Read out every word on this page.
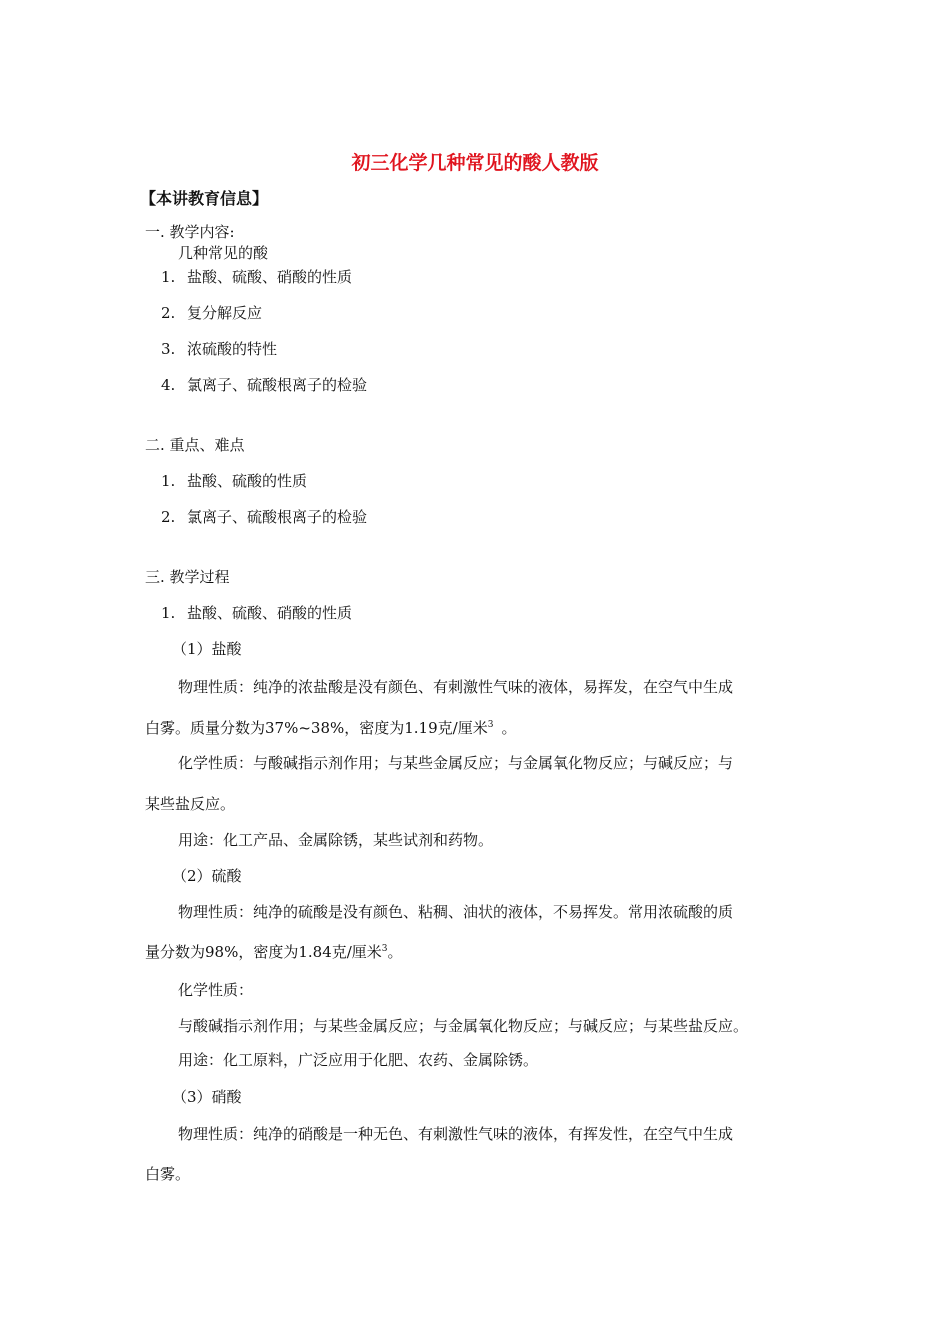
初三化学几种常见的酸人教版
【本讲教育信息】
一. 教学内容:
几种常见的酸
1. 盐酸、硫酸、硝酸的性质
2. 复分解反应
3. 浓硫酸的特性
4. 氯离子、硫酸根离子的检验
二. 重点、难点
1. 盐酸、硫酸的性质
2. 氯离子、硫酸根离子的检验
三. 教学过程
1. 盐酸、硫酸、硝酸的性质
（1）盐酸
物理性质：纯净的浓盐酸是没有颜色、有刺激性气味的液体，易挥发，在空气中生成
白雾。质量分数为37%~38%，密度为1.19克/厘米$^3$ 。
化学性质：与酸碱指示剂作用；与某些金属反应；与金属氧化物反应；与碱反应；与
某些盐反应。
用途：化工产品、金属除锈，某些试剂和药物。
（2）硫酸
物理性质：纯净的硫酸是没有颜色、粘稠、油状的液体，不易挥发。常用浓硫酸的质
量分数为98%，密度为1.84克/厘米$^3$。
化学性质：
与酸碱指示剂作用；与某些金属反应；与金属氧化物反应；与碱反应；与某些盐反应。
用途：化工原料，广泛应用于化肥、农药、金属除锈。
（3）硝酸
物理性质：纯净的硝酸是一种无色、有刺激性气味的液体，有挥发性，在空气中生成
白雾。
